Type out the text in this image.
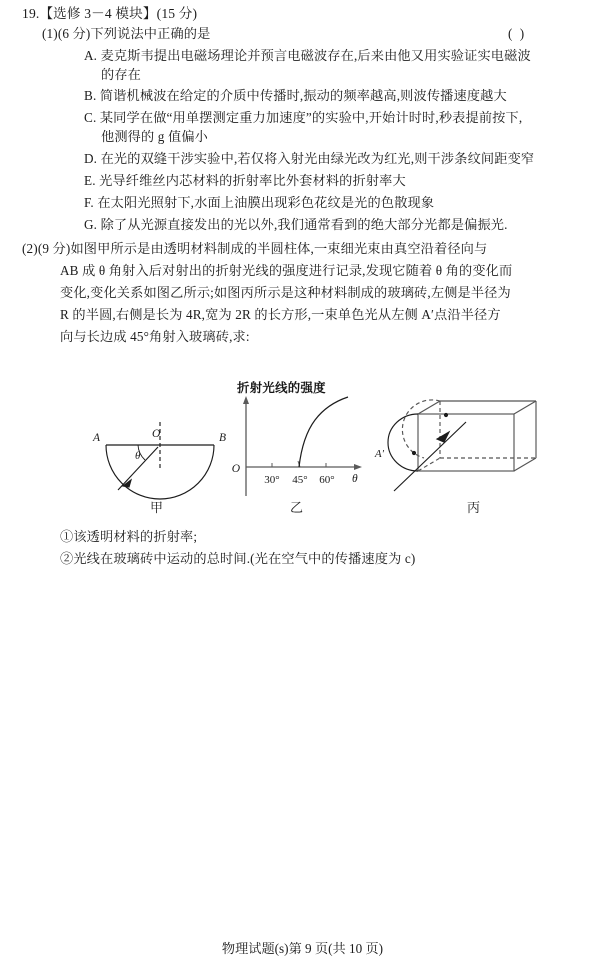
19.【选修 3－4 模块】(15 分)
(1)(6 分)下列说法中正确的是	( )
A. 麦克斯韦提出电磁场理论并预言电磁波存在,后来由他又用实验证实电磁波
的存在
B. 简谐机械波在给定的介质中传播时,振动的频率越高,则波传播速度越大
C. 某同学在做“用单摆测定重力加速度”的实验中,开始计时时,秒表提前按下,
他测得的 g 值偏小
D. 在光的双缝干涉实验中,若仅将入射光由绿光改为红光,则干涉条纹间距变窄
E. 光导纤维丝内芯材料的折射率比外套材料的折射率大
F. 在太阳光照射下,水面上油膜出现彩色花纹是光的色散现象
G. 除了从光源直接发出的光以外,我们通常看到的绝大部分光都是偏振光.
(2)(9 分)如图甲所示是由透明材料制成的半圆柱体,一束细光束由真空沿着径向与
AB 成 θ 角射入后对射出的折射光线的强度进行记录,发现它随着 θ 角的变化而
变化,变化关系如图乙所示;如图丙所示是这种材料制成的玻璃砖,左侧是半径为
R 的半圆,右侧是长为 4R,宽为 2R 的长方形,一束单色光从左侧 A′点沿半径方
向与长边成 45°角射入玻璃砖,求:
①该透明材料的折射率;
②光线在玻璃砖中运动的总时间.(光在空气中的传播速度为 c)
折射光线的强度
A	B
O
θ
O
30° 45° 60° θ
A′
甲	乙	丙
物理试题(s)第 9 页(共 10 页)
